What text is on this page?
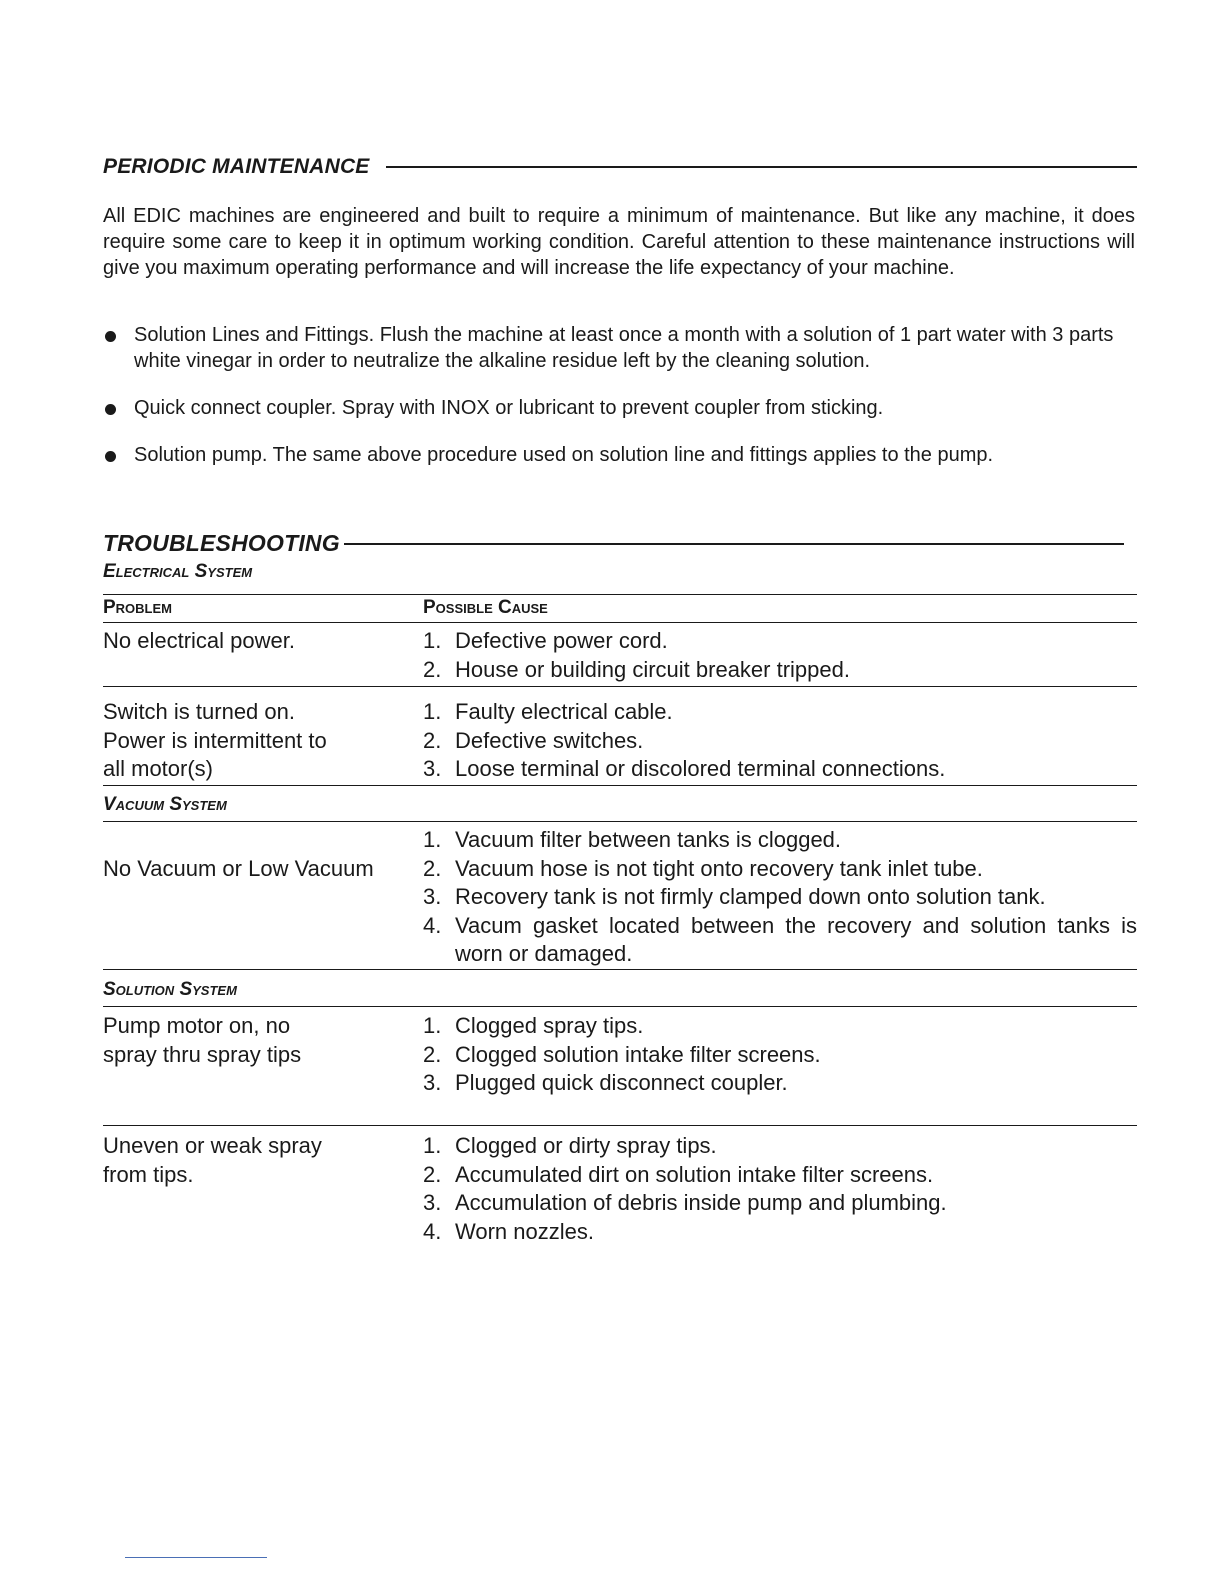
PERIODIC MAINTENANCE

All EDIC machines are engineered and built to require a minimum of maintenance. But like any machine, it does require some care to keep it in optimum working condition. Careful attention to these maintenance instructions will give you maximum operating performance and will increase the life expectancy of your machine.

Solution Lines and Fittings. Flush the machine at least once a month with a solution of 1 part water with 3 parts white vinegar in order to neutralize the alkaline residue left by the cleaning solution.
Quick connect coupler. Spray with INOX or lubricant to prevent coupler from sticking.
Solution pump. The same above procedure used on solution line and fittings applies to the pump.
TROUBLESHOOTING
Electrical System
Problem	Possible Cause
No electrical power.	1. Defective power cord.
2. House or building circuit breaker tripped.
Switch is turned on.
Power is intermittent to
all motor(s)
1. Faulty electrical cable.
2. Defective switches.
3. Loose terminal or discolored terminal connections.
Vacuum System
No Vacuum or Low Vacuum
1. Vacuum filter between tanks is clogged.
2. Vacuum hose is not tight onto recovery tank inlet tube.
3. Recovery tank is not firmly clamped down onto solution tank.
4. Vacum gasket located between the recovery and solution tanks is worn or damaged.
Solution System
Pump motor on, no
spray thru spray tips
1. Clogged spray tips.
2. Clogged solution intake filter screens.
3. Plugged quick disconnect coupler.
Uneven or weak spray
from tips.
1. Clogged or dirty spray tips.
2. Accumulated dirt on solution intake filter screens.
3. Accumulation of debris inside pump and plumbing.
4. Worn nozzles.
